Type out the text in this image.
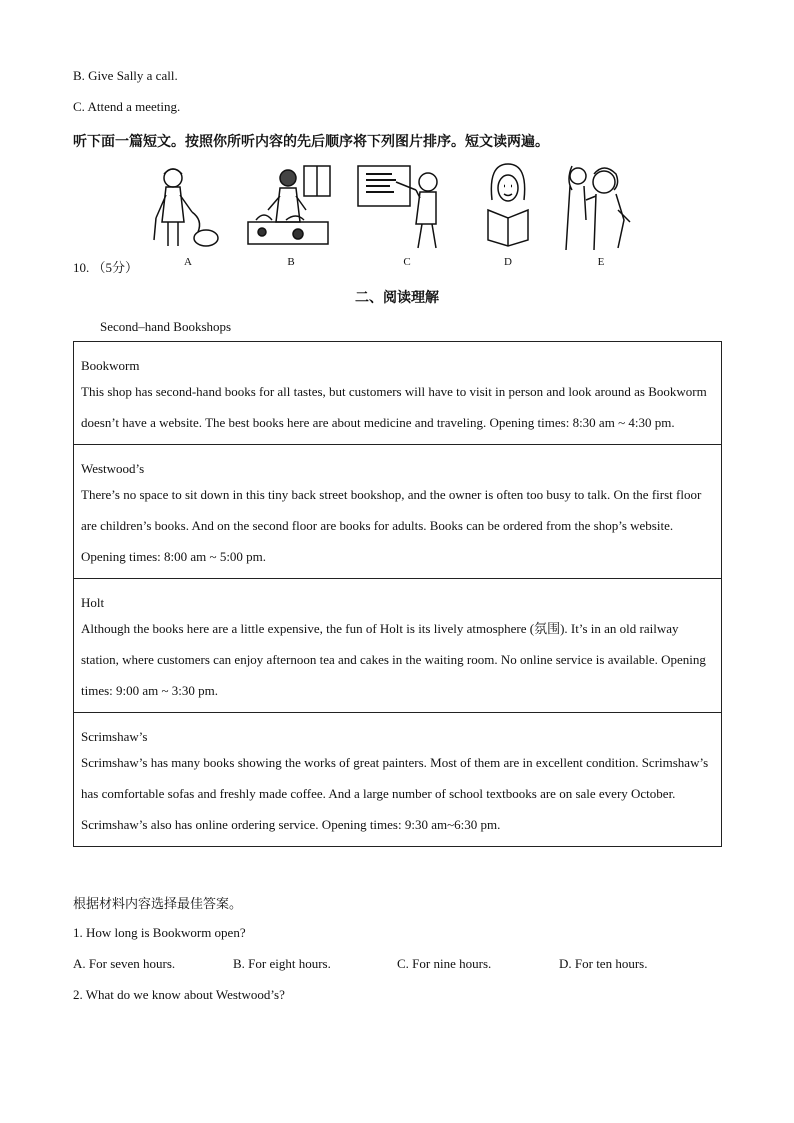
B. Give Sally a call.
C. Attend a meeting.
听下面一篇短文。按照你所听内容的先后顺序将下列图片排序。短文读两遍。
10. （5分）	A	B	C	D	E
二、阅读理解
Second–hand Bookshops
Bookworm
This shop has second-hand books for all tastes, but customers will have to visit in person and look around as Bookworm doesn’t have a website. The best books here are about medicine and traveling. Opening times: 8:30 am ~ 4:30 pm.

Westwood’s
There’s no space to sit down in this tiny back street bookshop, and the owner is often too busy to talk. On the first floor are children’s books. And on the second floor are books for adults. Books can be ordered from the shop’s website. Opening times: 8:00 am ~ 5:00 pm.

Holt
Although the books here are a little expensive, the fun of Holt is its lively atmosphere (氛围). It’s in an old railway station, where customers can enjoy afternoon tea and cakes in the waiting room. No online service is available. Opening times: 9:00 am ~ 3:30 pm.

Scrimshaw’s
Scrimshaw’s has many books showing the works of great painters. Most of them are in excellent condition. Scrimshaw’s has comfortable sofas and freshly made coffee. And a large number of school textbooks are on sale every October. Scrimshaw’s also has online ordering service. Opening times: 9:30 am~6:30 pm.
根据材料内容选择最佳答案。
1. How long is Bookworm open?
A. For seven hours.	B. For eight hours.	C. For nine hours.	D. For ten hours.
2. What do we know about Westwood’s?
